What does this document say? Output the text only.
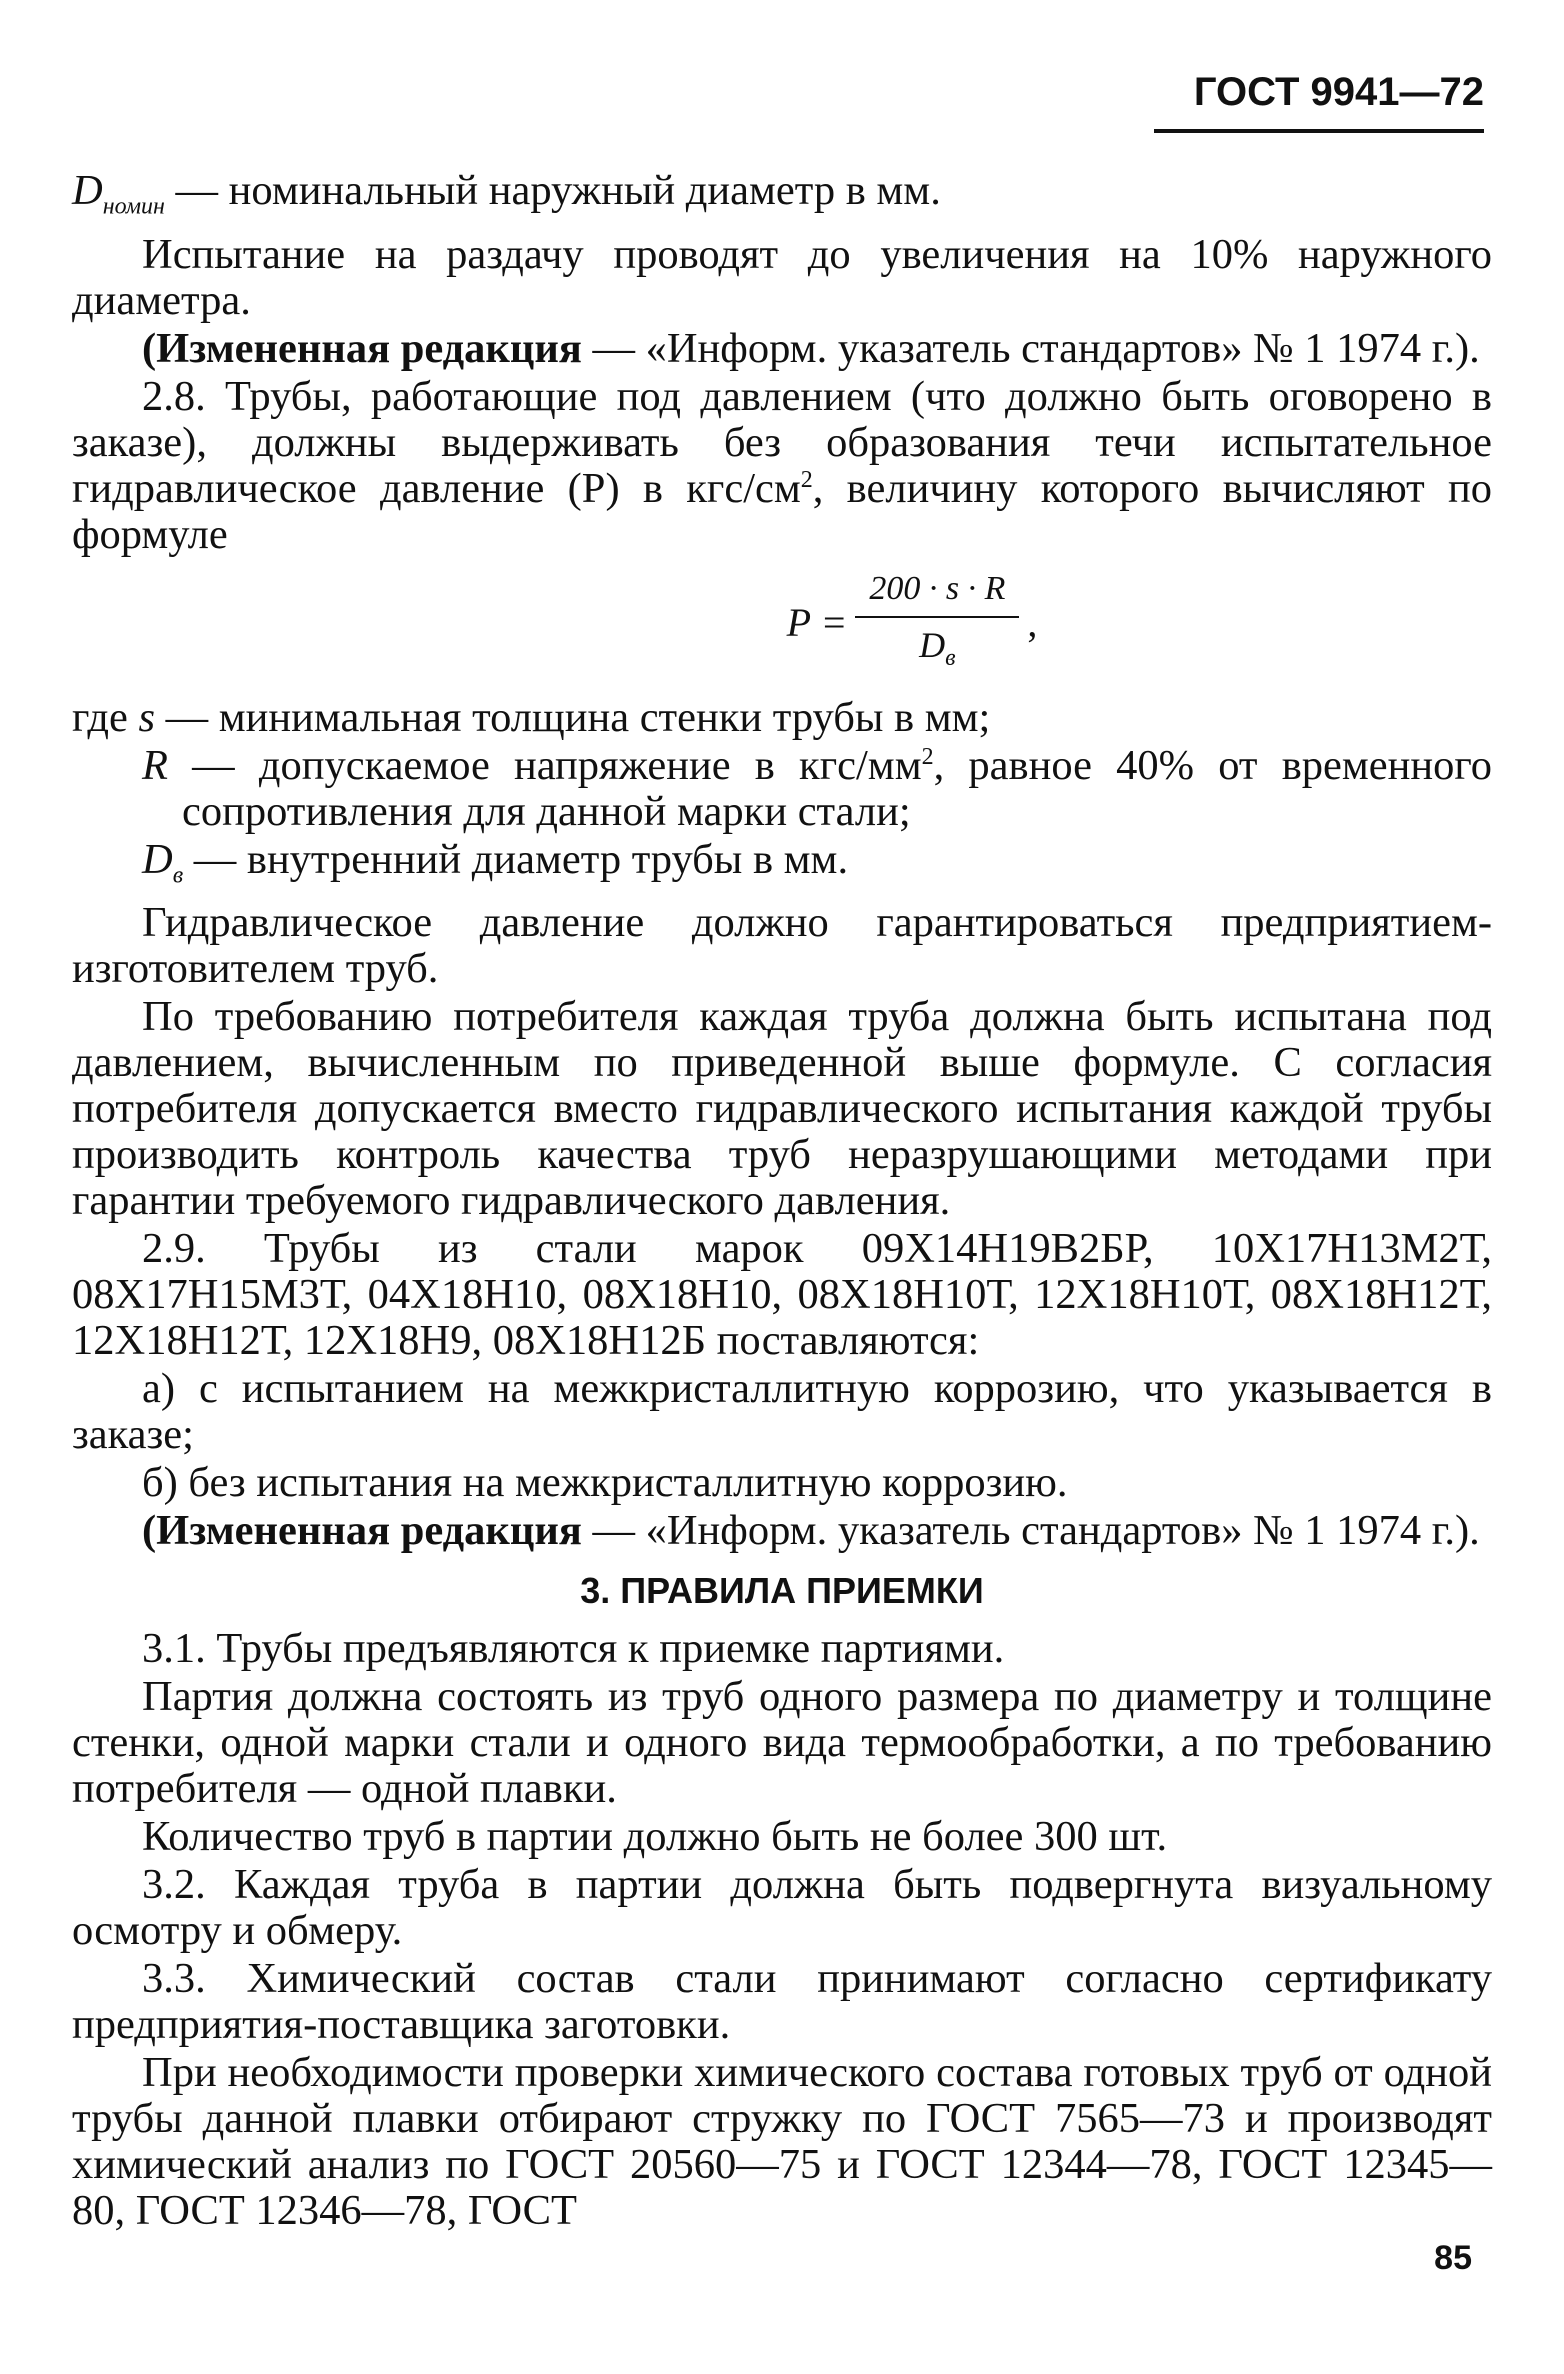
ГОСТ 9941—72

$D_{номин}$ — номинальный наружный диаметр в мм.

Испытание на раздачу проводят до увеличения на 10% наружного диаметра.

(Измененная редакция — «Информ. указатель стандартов» № 1 1974 г.).

2.8. Трубы, работающие под давлением (что должно быть оговорено в заказе), должны выдерживать без образования течи испытательное гидравлическое давление (P) в кгс/$см^2$, величину которого вычисляют по формуле

$P = \frac{200 \cdot s \cdot R}{D_в}$ ,

где s — минимальная толщина стенки трубы в мм;

R — допускаемое напряжение в кгс/$мм^2$, равное 40% от временного сопротивления для данной марки стали;

$D_в$ — внутренний диаметр трубы в мм.

Гидравлическое давление должно гарантироваться предприятием-изготовителем труб.

По требованию потребителя каждая труба должна быть испытана под давлением, вычисленным по приведенной выше формуле. С согласия потребителя допускается вместо гидравлического испытания каждой трубы производить контроль качества труб неразрушающими методами при гарантии требуемого гидравлического давления.

2.9. Трубы из стали марок 09Х14Н19В2БР, 10Х17Н13М2Т, 08Х17Н15М3Т, 04Х18Н10, 08Х18Н10, 08Х18Н10Т, 12Х18Н10Т, 08Х18Н12Т, 12Х18Н12Т, 12Х18Н9, 08Х18Н12Б поставляются:

а) с испытанием на межкристаллитную коррозию, что указывается в заказе;

б) без испытания на межкристаллитную коррозию.

(Измененная редакция — «Информ. указатель стандартов» № 1 1974 г.).

3. ПРАВИЛА ПРИЕМКИ

3.1. Трубы предъявляются к приемке партиями.

Партия должна состоять из труб одного размера по диаметру и толщине стенки, одной марки стали и одного вида термообработки, а по требованию потребителя — одной плавки.

Количество труб в партии должно быть не более 300 шт.

3.2. Каждая труба в партии должна быть подвергнута визуальному осмотру и обмеру.

3.3. Химический состав стали принимают согласно сертификату предприятия-поставщика заготовки.

При необходимости проверки химического состава готовых труб от одной трубы данной плавки отбирают стружку по ГОСТ 7565—73 и производят химический анализ по ГОСТ 20560—75 и ГОСТ 12344—78, ГОСТ 12345—80, ГОСТ 12346—78, ГОСТ

85
